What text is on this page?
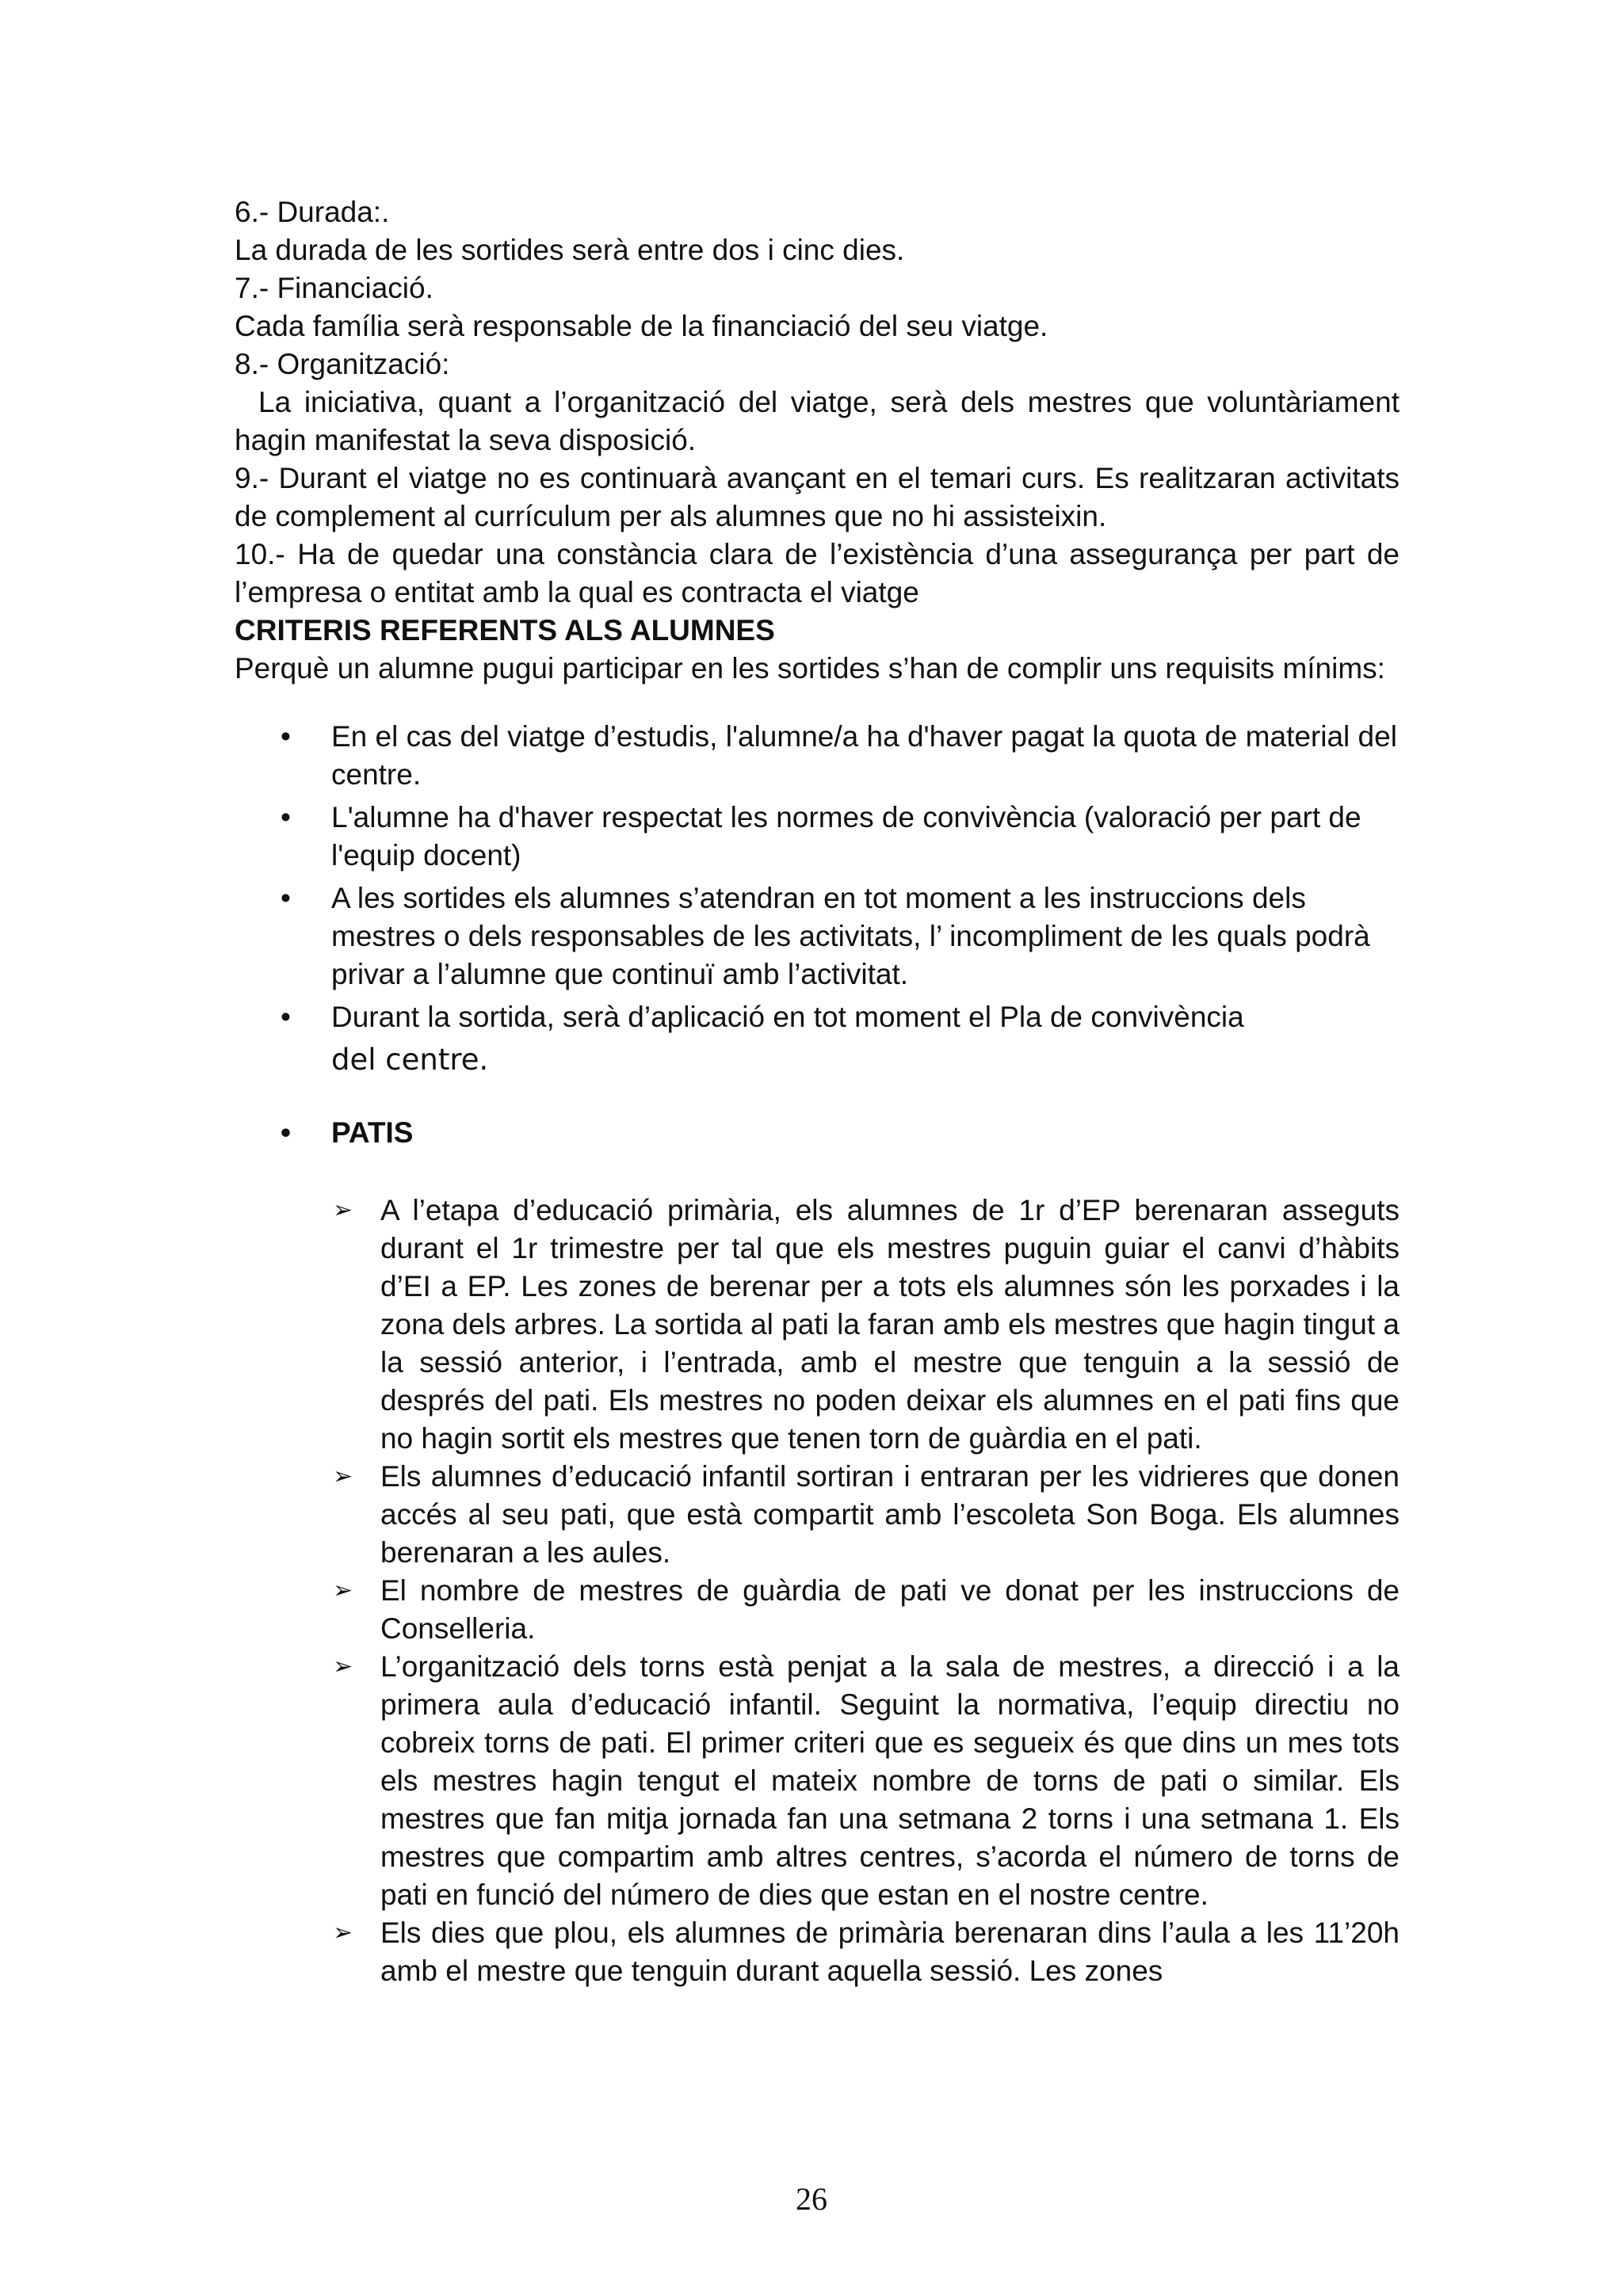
6.- Durada:.

La durada de les sortides serà entre dos i cinc dies.

7.- Financiació.

Cada família serà responsable de la financiació del seu viatge.

8.- Organització:

La iniciativa, quant a l’organització del viatge, serà dels mestres que voluntàriament hagin manifestat la seva disposició.

9.- Durant el viatge no es continuarà avançant en el temari curs. Es realitzaran activitats de complement al currículum per als alumnes que no hi assisteixin.

10.- Ha de quedar una constància clara de l’existència d’una assegurança per part de l’empresa o entitat amb la qual es contracta el viatge

CRITERIS REFERENTS ALS ALUMNES

Perquè un alumne pugui participar en les sortides s’han de complir uns requisits mínims:

• En el cas del viatge d’estudis, l'alumne/a ha d'haver pagat la quota de material del centre.
• L'alumne ha d'haver respectat les normes de convivència (valoració per part de l'equip docent)
• A les sortides els alumnes s’atendran en tot moment a les instruccions dels mestres o dels responsables de les activitats, l’ incompliment de les quals podrà privar a l’alumne que continuï amb l’activitat.
• Durant la sortida, serà d’aplicació en tot moment el Pla de convivència
del centre.
• PATIS
➢ A l’etapa d’educació primària, els alumnes de 1r d’EP berenaran asseguts durant el 1r trimestre per tal que els mestres puguin guiar el canvi d’hàbits d’EI a EP. Les zones de berenar per a tots els alumnes són les porxades i la zona dels arbres. La sortida al pati la faran amb els mestres que hagin tingut a la sessió anterior, i l’entrada, amb el mestre que tenguin a la sessió de després del pati. Els mestres no poden deixar els alumnes en el pati fins que no hagin sortit els mestres que tenen torn de guàrdia en el pati.
➢ Els alumnes d’educació infantil sortiran i entraran per les vidrieres que donen accés al seu pati, que està compartit amb l’escoleta Son Boga. Els alumnes berenaran a les aules.
➢ El nombre de mestres de guàrdia de pati ve donat per les instruccions de Conselleria.
➢ L’organització dels torns està penjat a la sala de mestres, a direcció i a la primera aula d’educació infantil. Seguint la normativa, l’equip directiu no cobreix torns de pati. El primer criteri que es segueix és que dins un mes tots els mestres hagin tengut el mateix nombre de torns de pati o similar. Els mestres que fan mitja jornada fan una setmana 2 torns i una setmana 1. Els mestres que compartim amb altres centres, s’acorda el número de torns de pati en funció del número de dies que estan en el nostre centre.
➢ Els dies que plou, els alumnes de primària berenaran dins l’aula a les 11’20h amb el mestre que tenguin durant aquella sessió. Les zones
26
